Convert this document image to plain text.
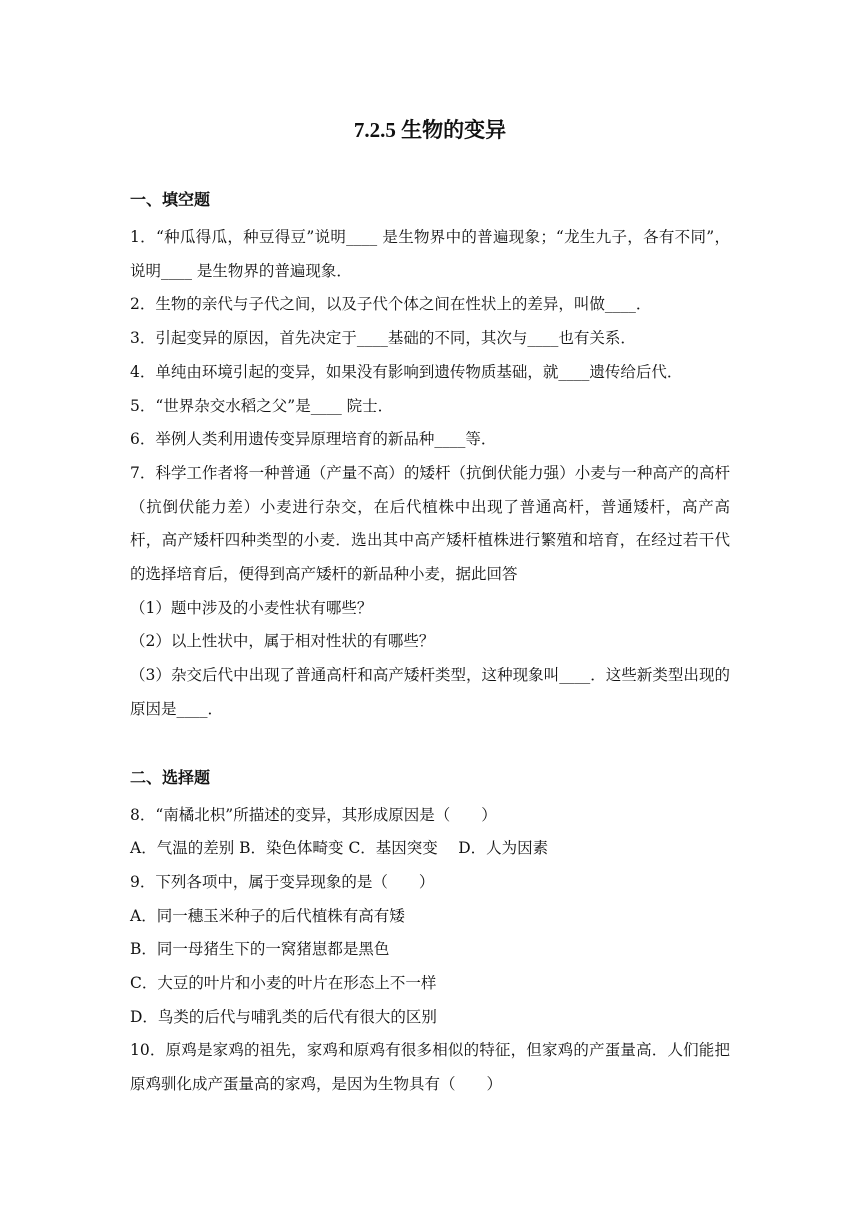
7.2.5 生物的变异
一、填空题

1．“种瓜得瓜，种豆得豆”说明____ 是生物界中的普遍现象；“龙生九子，各有不同”，说明____ 是生物界的普遍现象．

2．生物的亲代与子代之间，以及子代个体之间在性状上的差异，叫做____．

3．引起变异的原因，首先决定于____基础的不同，其次与____也有关系．

4．单纯由环境引起的变异，如果没有影响到遗传物质基础，就____遗传给后代．

5．“世界杂交水稻之父”是____ 院士．

6．举例人类利用遗传变异原理培育的新品种____等．

7．科学工作者将一种普通（产量不高）的矮杆（抗倒伏能力强）小麦与一种高产的高杆（抗倒伏能力差）小麦进行杂交，在后代植株中出现了普通高杆，普通矮杆，高产高杆，高产矮杆四种类型的小麦．选出其中高产矮杆植株进行繁殖和培育，在经过若干代的选择培育后，便得到高产矮杆的新品种小麦，据此回答

（1）题中涉及的小麦性状有哪些？

（2）以上性状中，属于相对性状的有哪些？

（3）杂交后代中出现了普通高杆和高产矮杆类型，这种现象叫____．这些新类型出现的原因是____．

二、选择题

8．“南橘北枳”所描述的变异，其形成原因是（　　）

A．气温的差别 B．染色体畸变 C．基因突变　 D．人为因素

9．下列各项中，属于变异现象的是（　　）

A．同一穗玉米种子的后代植株有高有矮

B．同一母猪生下的一窝猪崽都是黑色

C．大豆的叶片和小麦的叶片在形态上不一样

D．鸟类的后代与哺乳类的后代有很大的区别

10．原鸡是家鸡的祖先，家鸡和原鸡有很多相似的特征，但家鸡的产蛋量高．人们能把原鸡驯化成产蛋量高的家鸡，是因为生物具有（　　）
